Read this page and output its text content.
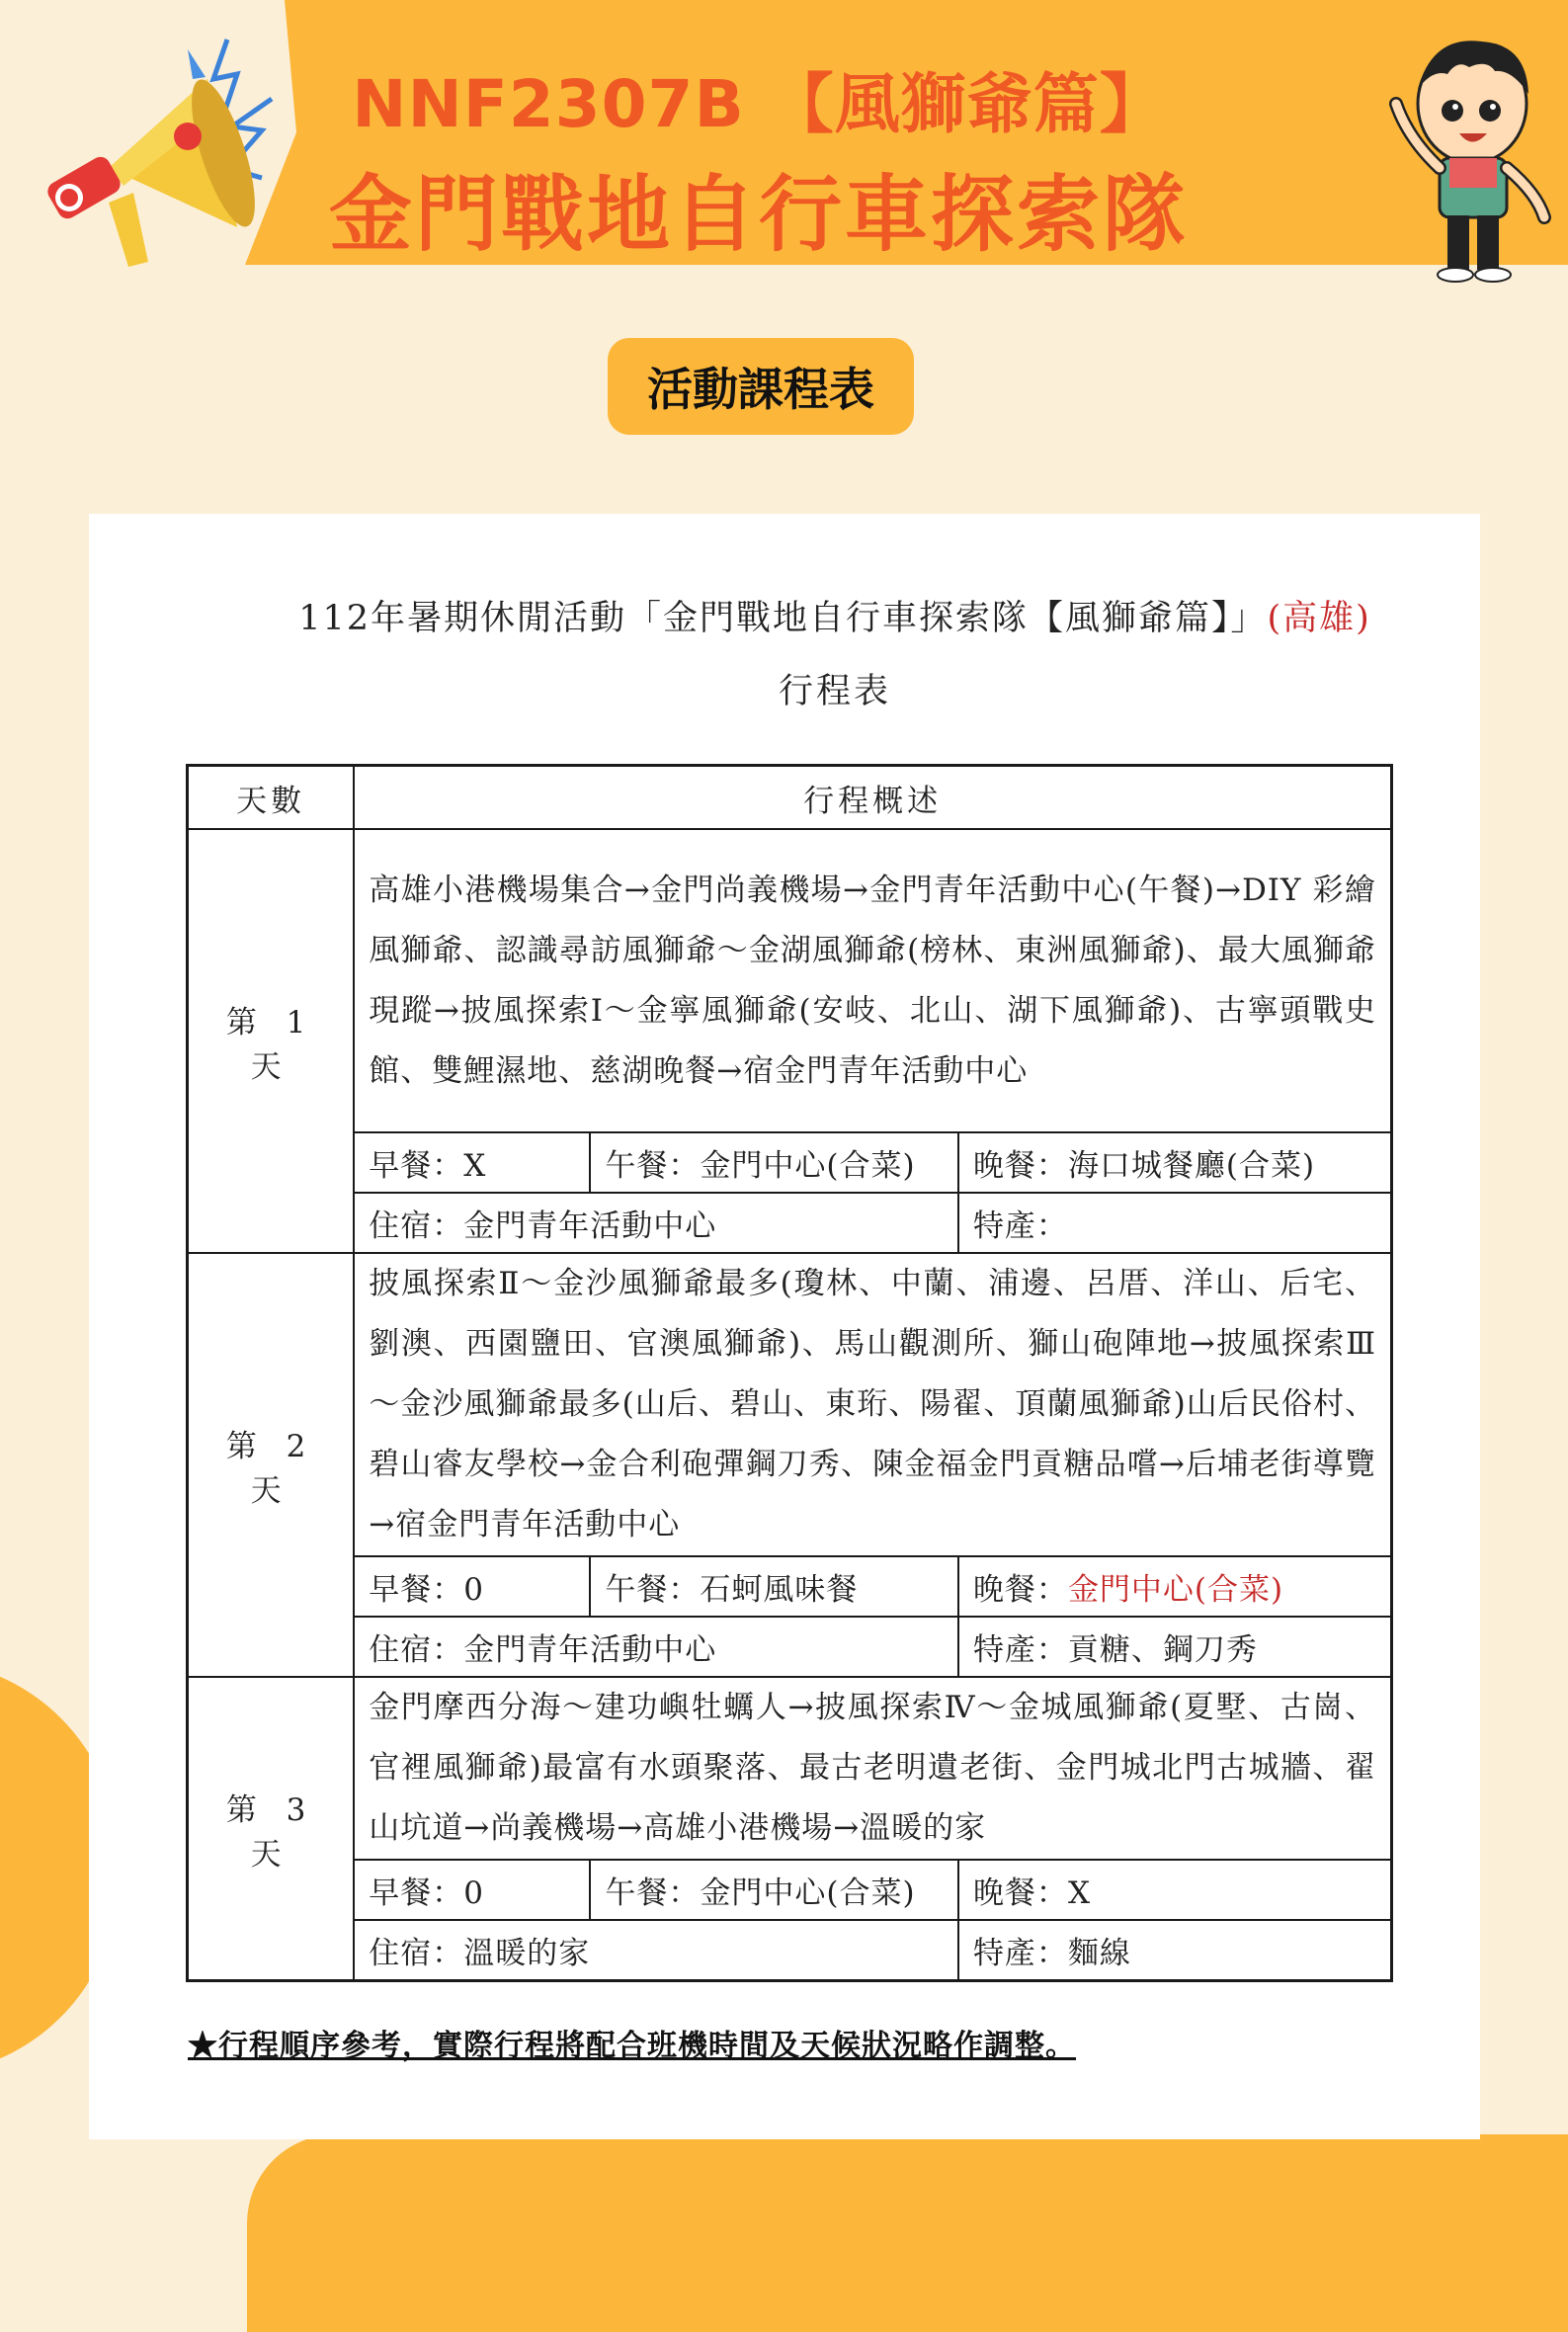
NNF2307B 【風獅爺篇】
金門戰地自行車探索隊
活動課程表
112年暑期休閒活動「金門戰地自行車探索隊【風獅爺篇】」(高雄)
行程表
天數	行程概述		
第 1 天	高雄小港機場集合→金門尚義機場→金門青年活動中心(午餐)→DIY 彩繪風獅爺、認識尋訪風獅爺～金湖風獅爺(榜林、東洲風獅爺)、最大風獅爺現蹤→披風探索Ⅰ～金寧風獅爺(安岐、北山、湖下風獅爺)、古寧頭戰史館、雙鯉濕地、慈湖晚餐→宿金門青年活動中心		
	早餐：X	午餐：金門中心(合菜)	晚餐：海口城餐廳(合菜)
	住宿：金門青年活動中心		特產：
第 2 天	披風探索Ⅱ～金沙風獅爺最多(瓊林、中蘭、浦邊、呂厝、洋山、后宅、劉澳、西園鹽田、官澳風獅爺)、馬山觀測所、獅山砲陣地→披風探索Ⅲ～金沙風獅爺最多(山后、碧山、東珩、陽翟、頂蘭風獅爺)山后民俗村、碧山睿友學校→金合利砲彈鋼刀秀、陳金福金門貢糖品嚐→后埔老街導覽→宿金門青年活動中心		
	早餐：0	午餐：石蚵風味餐	晚餐：金門中心(合菜)
	住宿：金門青年活動中心		特產：貢糖、鋼刀秀
第 3 天	金門摩西分海～建功嶼牡蠣人→披風探索Ⅳ～金城風獅爺(夏墅、古崗、官裡風獅爺)最富有水頭聚落、最古老明遺老街、金門城北門古城牆、翟山坑道→尚義機場→高雄小港機場→溫暖的家		
	早餐：0	午餐：金門中心(合菜)	晚餐：X
	住宿：溫暖的家		特產：麵線
★行程順序參考，實際行程將配合班機時間及天候狀況略作調整。
